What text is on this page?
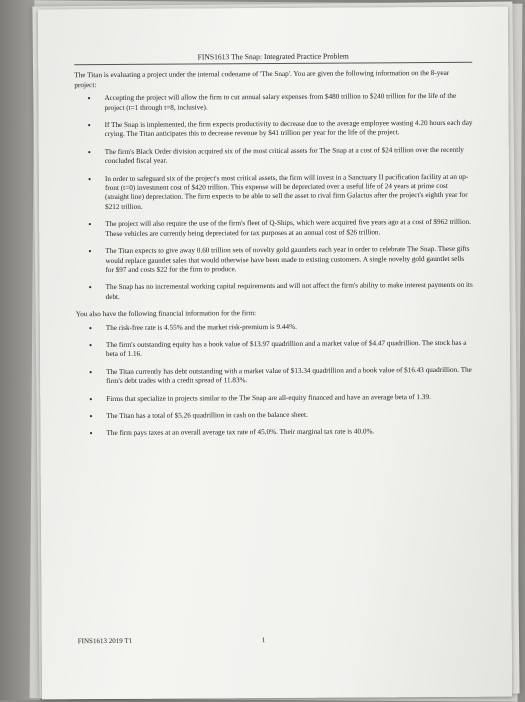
FINS1613 The Snap: Integrated Practice Problem
The Titan is evaluating a project under the internal codename of 'The Snap'. You are given the following information on the 8-year project:
• Accepting the project will allow the firm to cut annual salary expenses from $480 trillion to $240 trillion for the life of the project (t=1 through t=8, inclusive).
• If The Snap is implemented, the firm expects productivity to decrease due to the average employee wasting 4.20 hours each day crying. The Titan anticipates this to decrease revenue by $41 trillion per year for the life of the project.
• The firm's Black Order division acquired six of the most critical assets for The Snap at a cost of $24 trillion over the recently concluded fiscal year.
• In order to safeguard six of the project's most critical assets, the firm will invest in a Sanctuary II pacification facility at an up-front (t=0) investment cost of $420 trillion. This expense will be depreciated over a useful life of 24 years at prime cost (straight line) depreciation. The firm expects to be able to sell the asset to rival firm Galactus after the project's eighth year for $212 trillion.
• The project will also require the use of the firm's fleet of Q-Ships, which were acquired five years ago at a cost of $962 trillion. These vehicles are currently being depreciated for tax purposes at an annual cost of $26 trillion.
• The Titan expects to give away 0.60 trillion sets of novelty gold gauntlets each year in order to celebrate The Snap. These gifts would replace gauntlet sales that would otherwise have been made to existing customers. A single novelty gold gauntlet sells for $97 and costs $22 for the firm to produce.
• The Snap has no incremental working capital requirements and will not affect the firm's ability to make interest payments on its debt.
You also have the following financial information for the firm:
• The risk-free rate is 4.55% and the market risk-premium is 9.44%.
• The firm's outstanding equity has a book value of $13.97 quadrillion and a market value of $4.47 quadrillion. The stock has a beta of 1.16.
• The Titan currently has debt outstanding with a market value of $13.34 quadrillion and a book value of $16.43 quadrillion. The firm's debt trades with a credit spread of 11.83%.
• Firms that specialize in projects similar to the The Snap are all-equity financed and have an average beta of 1.39.
• The Titan has a total of $5.26 quadrillion in cash on the balance sheet.
• The firm pays taxes at an overall average tax rate of 45.0%. Their marginal tax rate is 40.0%.
FINS1613 2019 T1	1
